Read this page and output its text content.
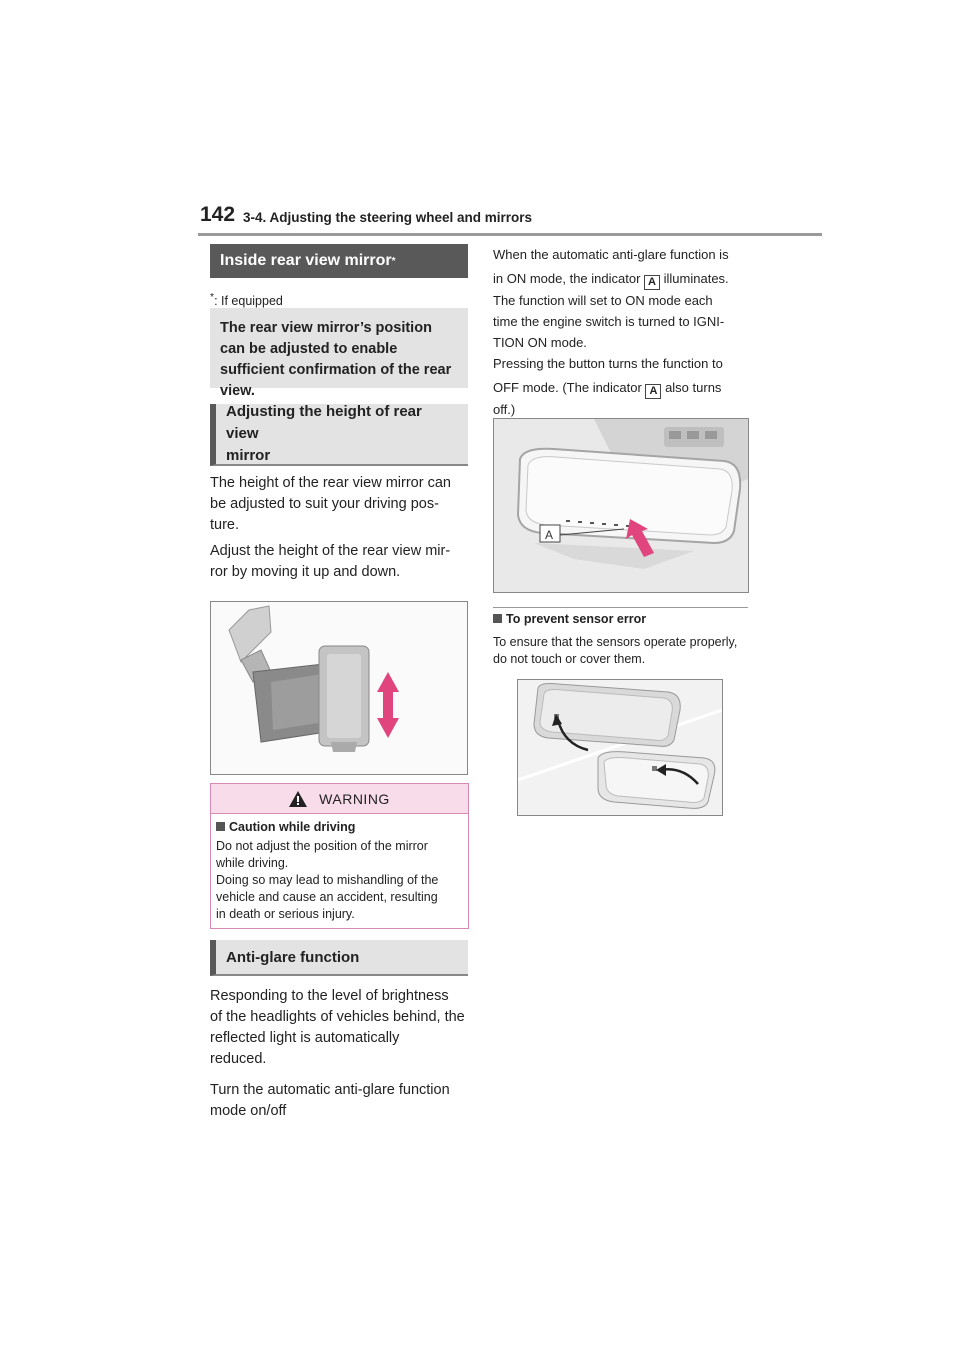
142 3-4. Adjusting the steering wheel and mirrors
Inside rear view mirror *
*: If equipped
The rear view mirror’s position can be adjusted to enable sufficient confirmation of the rear view.
Adjusting the height of rear view
mirror
The height of the rear view mirror can
be adjusted to suit your driving pos-
ture.
Adjust the height of the rear view mir-
ror by moving it up and down.
WARNING
Caution while driving
Do not adjust the position of the mirror
while driving.
Doing so may lead to mishandling of the
vehicle and cause an accident, resulting
in death or serious injury.
Anti-glare function
Responding to the level of brightness
of the headlights of vehicles behind, the
reflected light is automatically
reduced.
Turn the automatic anti-glare function
mode on/off
When the automatic anti-glare function is
in ON mode, the indicator A illuminates.
The function will set to ON mode each
time the engine switch is turned to IGNI-
TION ON mode.
Pressing the button turns the function to
OFF mode. (The indicator A also turns
off.)
A
To prevent sensor error
To ensure that the sensors operate properly,
do not touch or cover them.
